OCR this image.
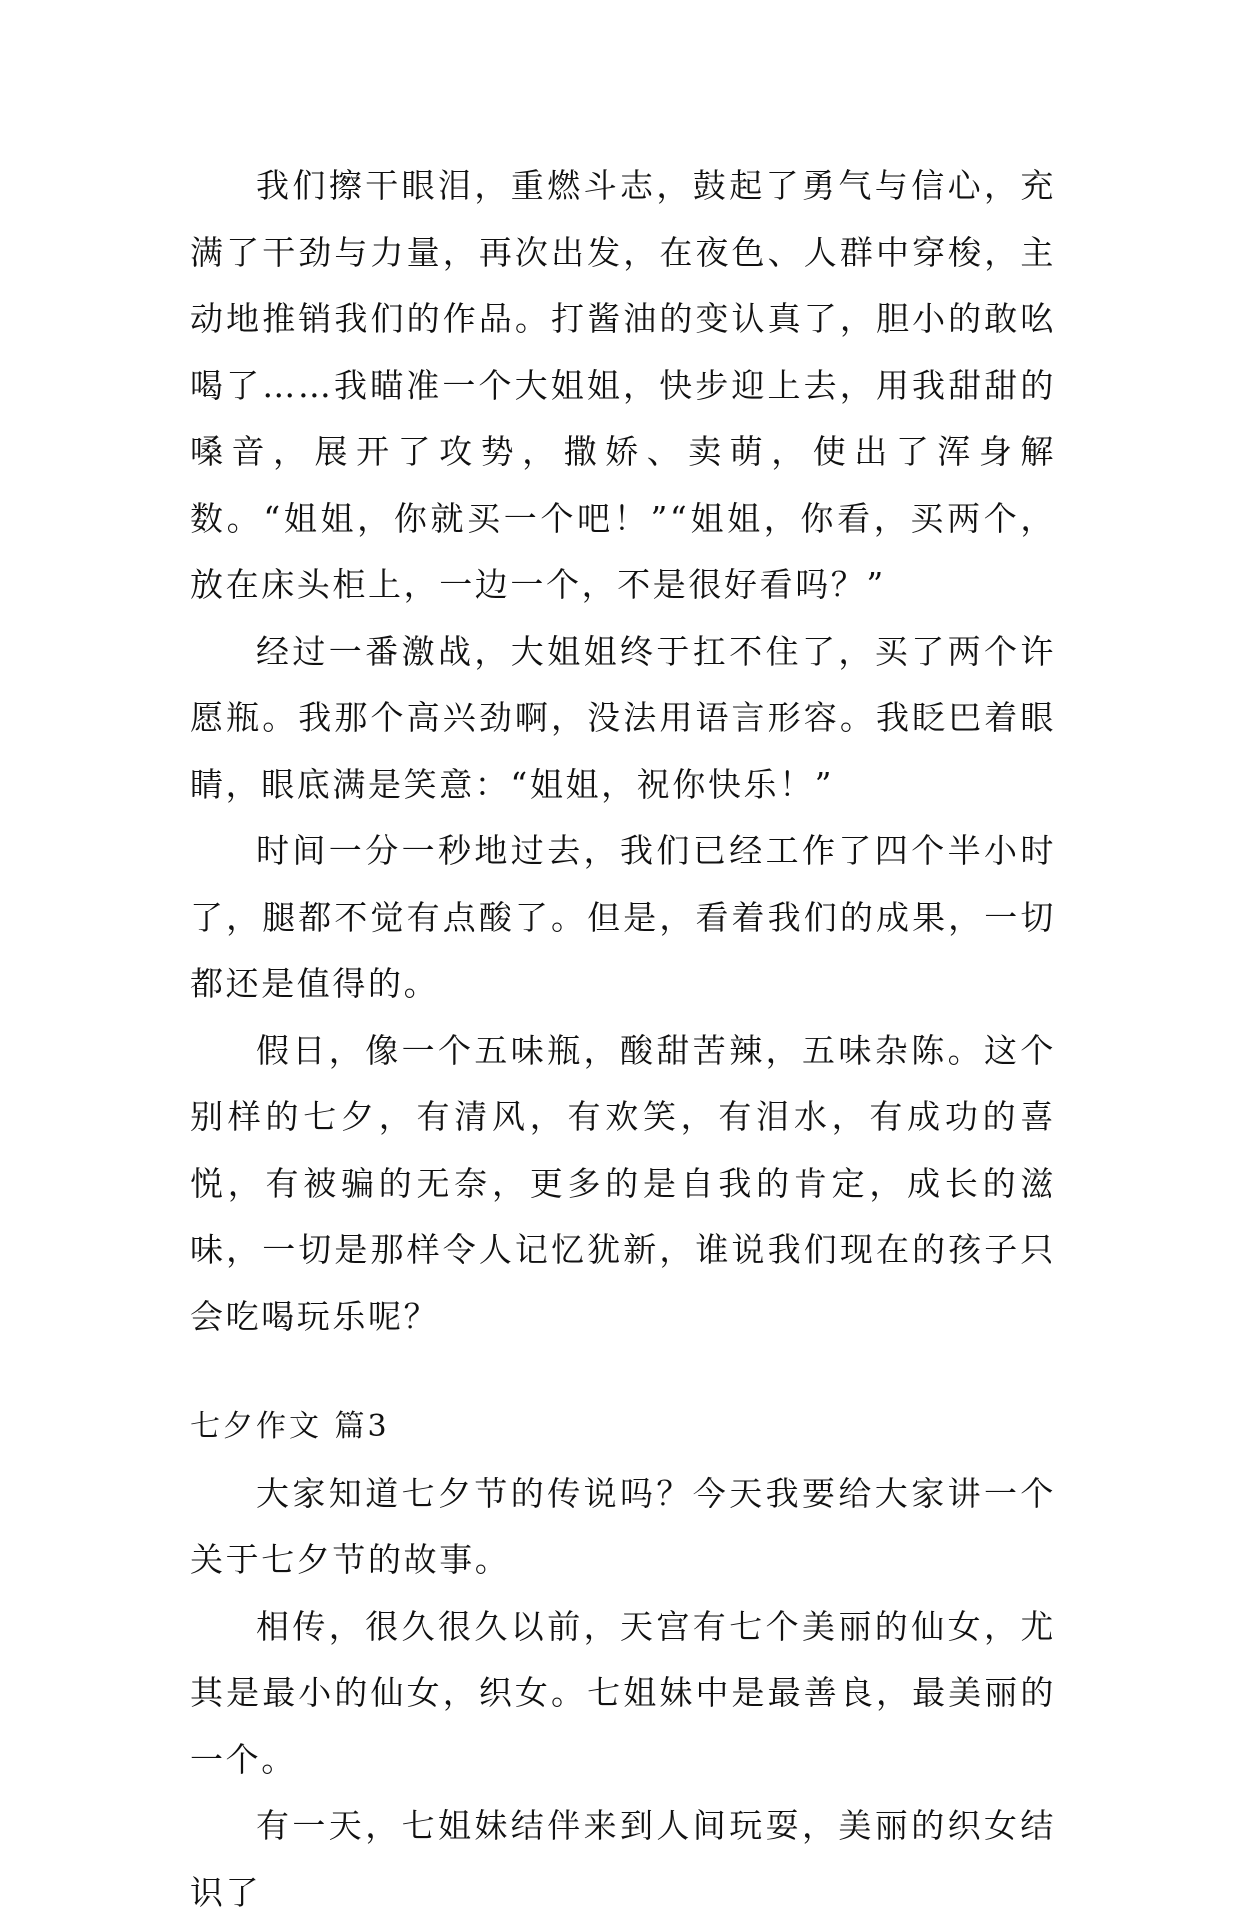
我们擦干眼泪，重燃斗志，鼓起了勇气与信心，充满了干劲与力量，再次出发，在夜色、人群中穿梭，主动地推销我们的作品。打酱油的变认真了，胆小的敢吆喝了……我瞄准一个大姐姐，快步迎上去，用我甜甜的嗓音，展开了攻势，撒娇、卖萌，使出了浑身解数。“姐姐，你就买一个吧！”“姐姐，你看，买两个，放在床头柜上，一边一个，不是很好看吗？”

经过一番激战，大姐姐终于扛不住了，买了两个许愿瓶。我那个高兴劲啊，没法用语言形容。我眨巴着眼睛，眼底满是笑意：“姐姐，祝你快乐！”

时间一分一秒地过去，我们已经工作了四个半小时了，腿都不觉有点酸了。但是，看着我们的成果，一切都还是值得的。

假日，像一个五味瓶，酸甜苦辣，五味杂陈。这个别样的七夕，有清风，有欢笑，有泪水，有成功的喜悦，有被骗的无奈，更多的是自我的肯定，成长的滋味，一切是那样令人记忆犹新，谁说我们现在的孩子只会吃喝玩乐呢？

七夕作文 篇3

大家知道七夕节的传说吗？今天我要给大家讲一个关于七夕节的故事。

相传，很久很久以前，天宫有七个美丽的仙女，尤其是最小的仙女，织女。七姐妹中是最善良，最美丽的一个。

有一天，七姐妹结伴来到人间玩耍，美丽的织女结识了
